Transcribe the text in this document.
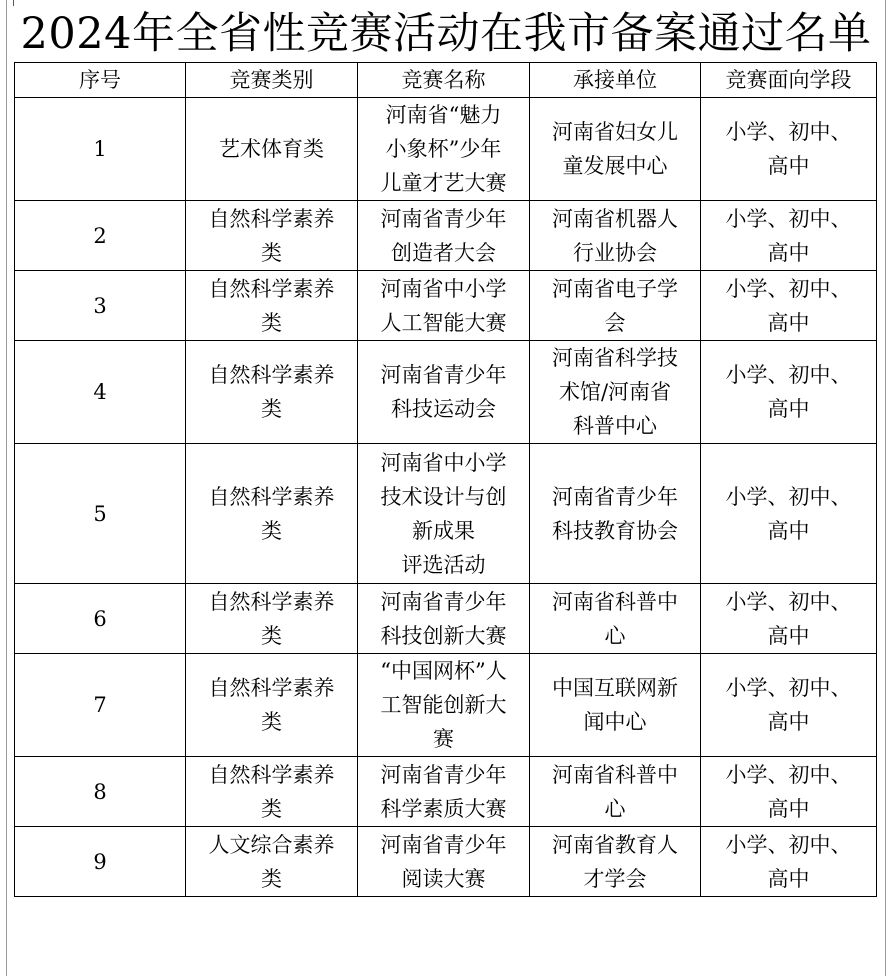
2024年全省性竞赛活动在我市备案通过名单
序号	竞赛类别	竞赛名称	承接单位	竞赛面向学段
1	艺术体育类	河南省“魅力
小象杯”少年
儿童才艺大赛	河南省妇女儿
童发展中心	小学、初中、
高中
2	自然科学素养
类	河南省青少年
创造者大会	河南省机器人
行业协会	小学、初中、
高中
3	自然科学素养
类	河南省中小学
人工智能大赛	河南省电子学
会	小学、初中、
高中
4	自然科学素养
类	河南省青少年
科技运动会	河南省科学技
术馆/河南省
科普中心	小学、初中、
高中
5	自然科学素养
类	河南省中小学
技术设计与创
新成果
评选活动	河南省青少年
科技教育协会	小学、初中、
高中
6	自然科学素养
类	河南省青少年
科技创新大赛	河南省科普中
心	小学、初中、
高中
7	自然科学素养
类	“中国网杯”人
工智能创新大
赛	中国互联网新
闻中心	小学、初中、
高中
8	自然科学素养
类	河南省青少年
科学素质大赛	河南省科普中
心	小学、初中、
高中
9	人文综合素养
类	河南省青少年
阅读大赛	河南省教育人
才学会	小学、初中、
高中
